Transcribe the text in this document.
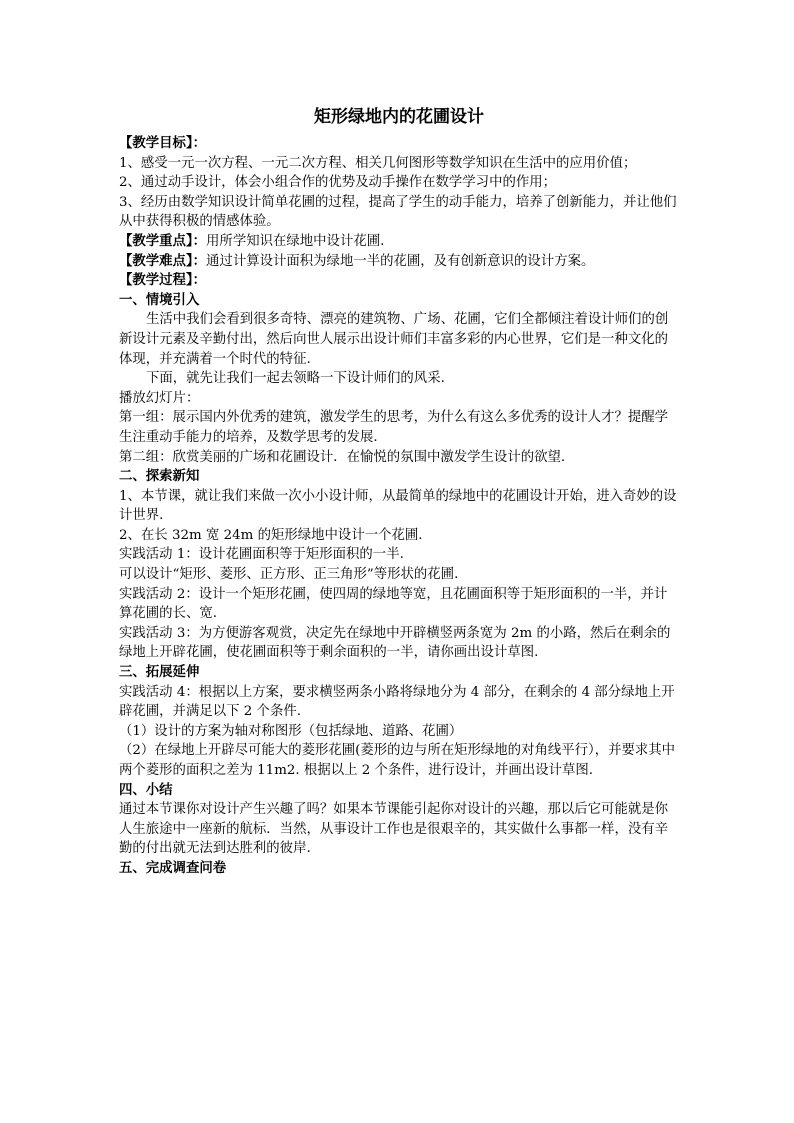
矩形绿地内的花圃设计

【教学目标】：

1、感受一元一次方程、一元二次方程、相关几何图形等数学知识在生活中的应用价值；

2、通过动手设计，体会小组合作的优势及动手操作在数学学习中的作用；

3、经历由数学知识设计简单花圃的过程，提高了学生的动手能力，培养了创新能力，并让他们从中获得积极的情感体验。

【教学重点】：用所学知识在绿地中设计花圃.

【教学难点】：通过计算设计面积为绿地一半的花圃，及有创新意识的设计方案。

【教学过程】：

一、情境引入

生活中我们会看到很多奇特、漂亮的建筑物、广场、花圃，它们全都倾注着设计师们的创新设计元素及辛勤付出，然后向世人展示出设计师们丰富多彩的内心世界，它们是一种文化的体现，并充满着一个时代的特征.

下面，就先让我们一起去领略一下设计师们的风采.

播放幻灯片：

第一组：展示国内外优秀的建筑，激发学生的思考，为什么有这么多优秀的设计人才？提醒学生注重动手能力的培养，及数学思考的发展.

第二组：欣赏美丽的广场和花圃设计．在愉悦的氛围中激发学生设计的欲望.

二、探索新知

1、本节课，就让我们来做一次小小设计师，从最简单的绿地中的花圃设计开始，进入奇妙的设计世界.

2、在长 32m 宽 24m 的矩形绿地中设计一个花圃.

实践活动 1：设计花圃面积等于矩形面积的一半.

可以设计“矩形、菱形、正方形、正三角形”等形状的花圃.

实践活动 2：设计一个矩形花圃，使四周的绿地等宽，且花圃面积等于矩形面积的一半，并计算花圃的长、宽.

实践活动 3：为方便游客观赏，决定先在绿地中开辟横竖两条宽为 2m 的小路，然后在剩余的绿地上开辟花圃，使花圃面积等于剩余面积的一半，请你画出设计草图.

三、拓展延伸

实践活动 4：根据以上方案，要求横竖两条小路将绿地分为 4 部分，在剩余的 4 部分绿地上开辟花圃，并满足以下 2 个条件.

（1）设计的方案为轴对称图形（包括绿地、道路、花圃）

（2）在绿地上开辟尽可能大的菱形花圃(菱形的边与所在矩形绿地的对角线平行），并要求其中两个菱形的面积之差为 11m2. 根据以上 2 个条件，进行设计，并画出设计草图.

四、小结

通过本节课你对设计产生兴趣了吗？如果本节课能引起你对设计的兴趣，那以后它可能就是你人生旅途中一座新的航标．当然，从事设计工作也是很艰辛的，其实做什么事都一样，没有辛勤的付出就无法到达胜利的彼岸.

五、完成调查问卷
